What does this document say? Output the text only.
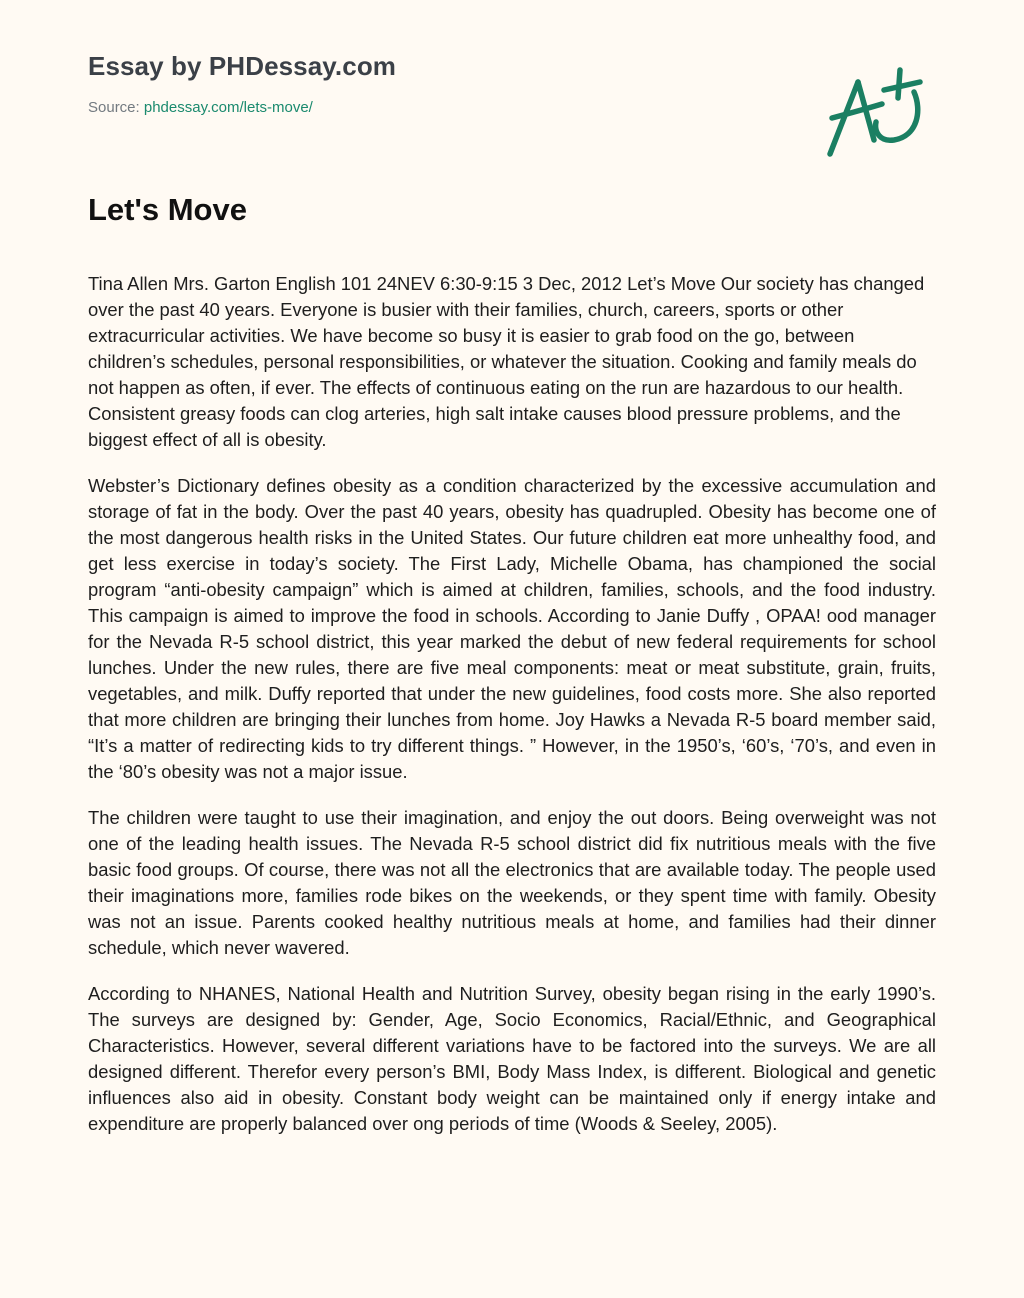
Essay by PHDessay.com
Source: phdessay.com/lets-move/
Let's Move

Tina Allen Mrs. Garton English 101 24NEV 6:30-9:15 3 Dec, 2012 Let’s Move Our society has changed over the past 40 years. Everyone is busier with their families, church, careers, sports or other extracurricular activities. We have become so busy it is easier to grab food on the go, between children’s schedules, personal responsibilities, or whatever the situation. Cooking and family meals do not happen as often, if ever. The effects of continuous eating on the run are hazardous to our health. Consistent greasy foods can clog arteries, high salt intake causes blood pressure problems, and the biggest effect of all is obesity.

Webster’s Dictionary defines obesity as a condition characterized by the excessive accumulation and storage of fat in the body. Over the past 40 years, obesity has quadrupled. Obesity has become one of the most dangerous health risks in the United States. Our future children eat more unhealthy food, and get less exercise in today’s society. The First Lady, Michelle Obama, has championed the social program “anti-obesity campaign” which is aimed at children, families, schools, and the food industry. This campaign is aimed to improve the food in schools. According to Janie Duffy , OPAA! ood manager for the Nevada R-5 school district, this year marked the debut of new federal requirements for school lunches. Under the new rules, there are five meal components: meat or meat substitute, grain, fruits, vegetables, and milk. Duffy reported that under the new guidelines, food costs more. She also reported that more children are bringing their lunches from home. Joy Hawks a Nevada R-5 board member said, “It’s a matter of redirecting kids to try different things. ” However, in the 1950’s, ‘60’s, ‘70’s, and even in the ‘80’s obesity was not a major issue.

The children were taught to use their imagination, and enjoy the out doors. Being overweight was not one of the leading health issues. The Nevada R-5 school district did fix nutritious meals with the five basic food groups. Of course, there was not all the electronics that are available today. The people used their imaginations more, families rode bikes on the weekends, or they spent time with family. Obesity was not an issue. Parents cooked healthy nutritious meals at home, and families had their dinner schedule, which never wavered.

According to NHANES, National Health and Nutrition Survey, obesity began rising in the early 1990’s. The surveys are designed by: Gender, Age, Socio Economics, Racial/Ethnic, and Geographical Characteristics. However, several different variations have to be factored into the surveys. We are all designed different. Therefor every person’s BMI, Body Mass Index, is different. Biological and genetic influences also aid in obesity. Constant body weight can be maintained only if energy intake and expenditure are properly balanced over ong periods of time (Woods & Seeley, 2005).
